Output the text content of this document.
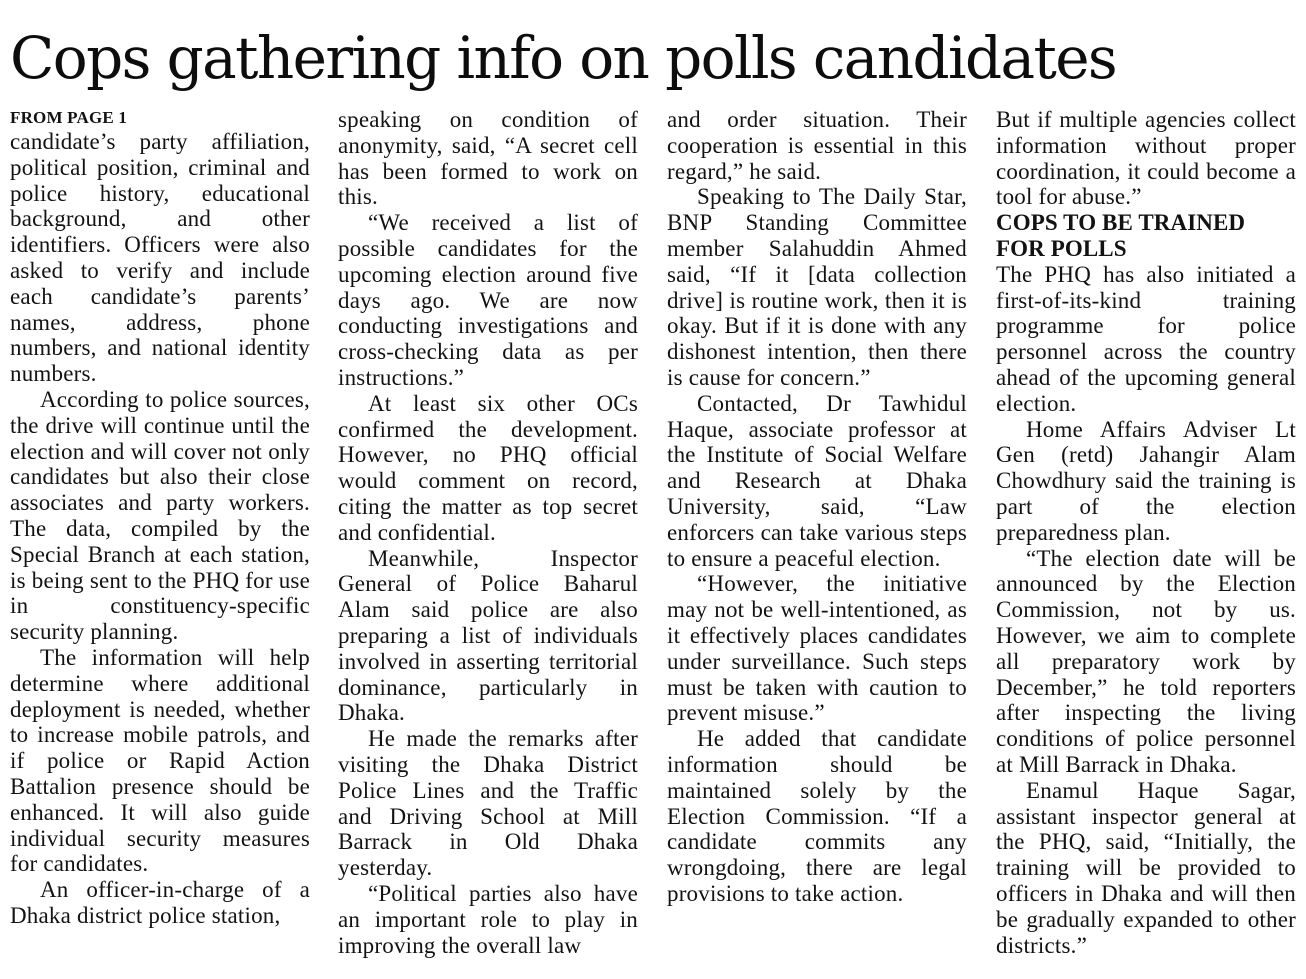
Cops gathering info on polls candidates
FROM PAGE 1

candidate’s party affiliation, political position, criminal and police history, educational background, and other identifiers. Officers were also asked to verify and include each candidate’s parents’ names, address, phone numbers, and national identity numbers.

According to police sources, the drive will continue until the election and will cover not only candidates but also their close associates and party workers. The data, compiled by the Special Branch at each station, is being sent to the PHQ for use in constituency-specific security planning.

The information will help determine where additional deployment is needed, whether to increase mobile patrols, and if police or Rapid Action Battalion presence should be enhanced. It will also guide individual security measures for candidates.

An officer-in-charge of a Dhaka district police station,

speaking on condition of anonymity, said, “A secret cell has been formed to work on this.

“We received a list of possible candidates for the upcoming election around five days ago. We are now conducting investigations and cross-checking data as per instructions.”

At least six other OCs confirmed the development. However, no PHQ official would comment on record, citing the matter as top secret and confidential.

Meanwhile, Inspector General of Police Baharul Alam said police are also preparing a list of individuals involved in asserting territorial dominance, particularly in Dhaka.

He made the remarks after visiting the Dhaka District Police Lines and the Traffic and Driving School at Mill Barrack in Old Dhaka yesterday.

“Political parties also have an important role to play in improving the overall law

and order situation. Their cooperation is essential in this regard,” he said.

Speaking to The Daily Star, BNP Standing Committee member Salahuddin Ahmed said, “If it [data collection drive] is routine work, then it is okay. But if it is done with any dishonest intention, then there is cause for concern.”

Contacted, Dr Tawhidul Haque, associate professor at the Institute of Social Welfare and Research at Dhaka University, said, “Law enforcers can take various steps to ensure a peaceful election.

“However, the initiative may not be well-intentioned, as it effectively places candidates under surveillance. Such steps must be taken with caution to prevent misuse.”

He added that candidate information should be maintained solely by the Election Commission. “If a candidate commits any wrongdoing, there are legal provisions to take action.

But if multiple agencies collect information without proper coordination, it could become a tool for abuse.”

COPS TO BE TRAINED FOR POLLS

The PHQ has also initiated a first-of-its-kind training programme for police personnel across the country ahead of the upcoming general election.

Home Affairs Adviser Lt Gen (retd) Jahangir Alam Chowdhury said the training is part of the election preparedness plan.

“The election date will be announced by the Election Commission, not by us. However, we aim to complete all preparatory work by December,” he told reporters after inspecting the living conditions of police personnel at Mill Barrack in Dhaka.

Enamul Haque Sagar, assistant inspector general at the PHQ, said, “Initially, the training will be provided to officers in Dhaka and will then be gradually expanded to other districts.”
